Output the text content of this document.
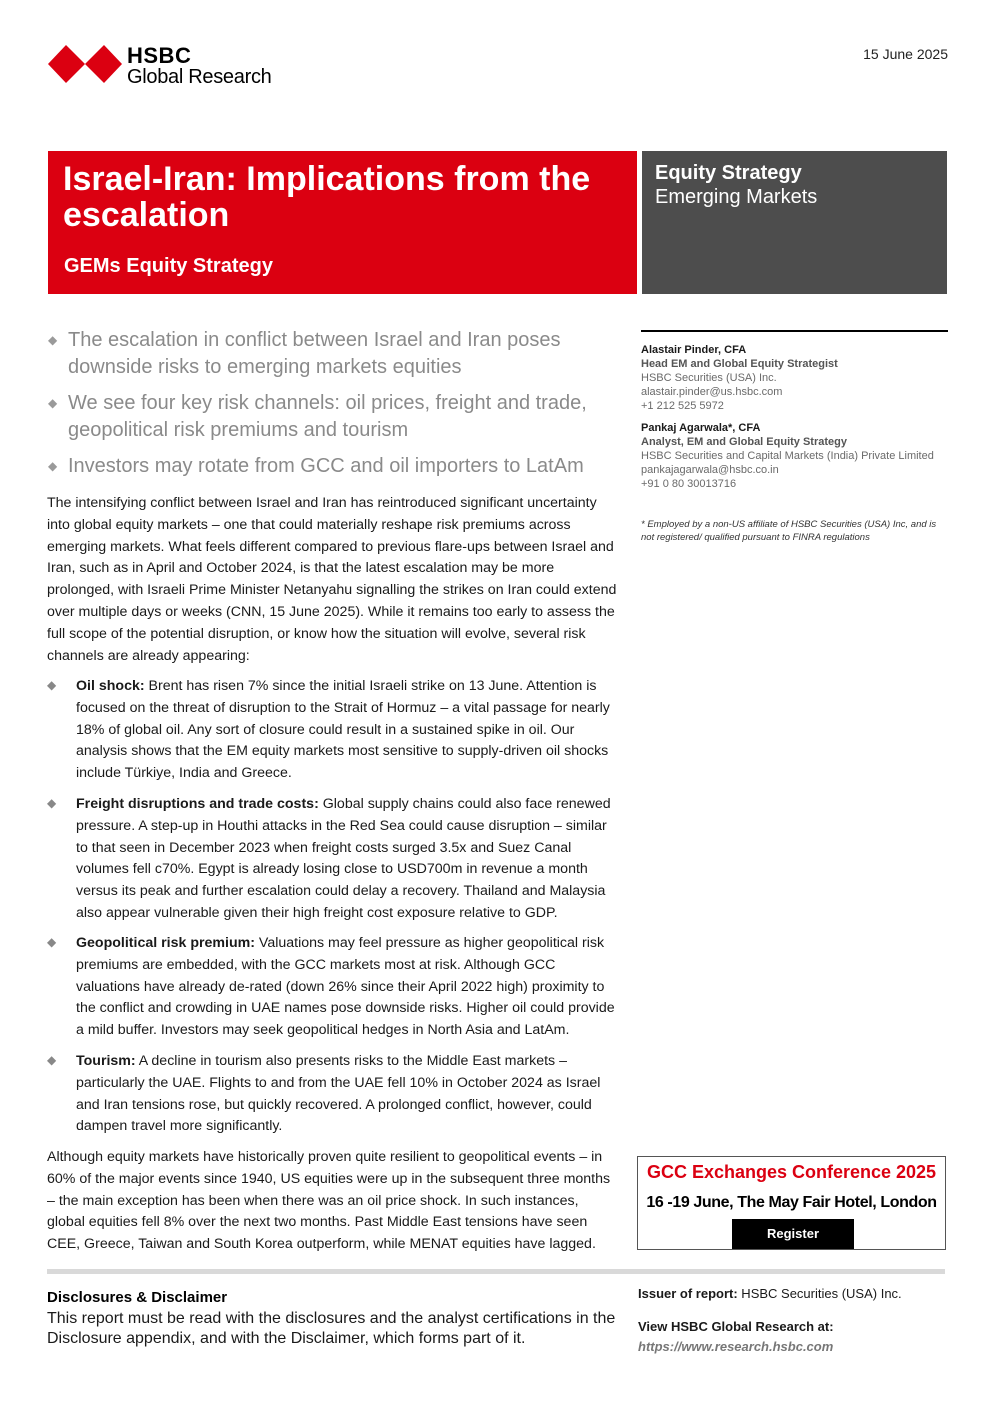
HSBC
Global Research
15 June 2025
Israel-Iran: Implications from the escalation
GEMs Equity Strategy
Equity Strategy
Emerging Markets
◆ The escalation in conflict between Israel and Iran poses downside risks to emerging markets equities
◆ We see four key risk channels: oil prices, freight and trade, geopolitical risk premiums and tourism
◆ Investors may rotate from GCC and oil importers to LatAm
The intensifying conflict between Israel and Iran has reintroduced significant uncertainty into global equity markets – one that could materially reshape risk premiums across emerging markets. What feels different compared to previous flare-ups between Israel and Iran, such as in April and October 2024, is that the latest escalation may be more prolonged, with Israeli Prime Minister Netanyahu signalling the strikes on Iran could extend over multiple days or weeks (CNN, 15 June 2025). While it remains too early to assess the full scope of the potential disruption, or know how the situation will evolve, several risk channels are already appearing:
◆ Oil shock: Brent has risen 7% since the initial Israeli strike on 13 June. Attention is focused on the threat of disruption to the Strait of Hormuz – a vital passage for nearly 18% of global oil. Any sort of closure could result in a sustained spike in oil. Our analysis shows that the EM equity markets most sensitive to supply-driven oil shocks include Türkiye, India and Greece.
◆ Freight disruptions and trade costs: Global supply chains could also face renewed pressure. A step-up in Houthi attacks in the Red Sea could cause disruption – similar to that seen in December 2023 when freight costs surged 3.5x and Suez Canal volumes fell c70%. Egypt is already losing close to USD700m in revenue a month versus its peak and further escalation could delay a recovery. Thailand and Malaysia also appear vulnerable given their high freight cost exposure relative to GDP.
◆ Geopolitical risk premium: Valuations may feel pressure as higher geopolitical risk premiums are embedded, with the GCC markets most at risk. Although GCC valuations have already de-rated (down 26% since their April 2022 high) proximity to the conflict and crowding in UAE names pose downside risks. Higher oil could provide a mild buffer. Investors may seek geopolitical hedges in North Asia and LatAm.
◆ Tourism: A decline in tourism also presents risks to the Middle East markets – particularly the UAE. Flights to and from the UAE fell 10% in October 2024 as Israel and Iran tensions rose, but quickly recovered. A prolonged conflict, however, could dampen travel more significantly.
Although equity markets have historically proven quite resilient to geopolitical events – in 60% of the major events since 1940, US equities were up in the subsequent three months – the main exception has been when there was an oil price shock. In such instances, global equities fell 8% over the next two months. Past Middle East tensions have seen CEE, Greece, Taiwan and South Korea outperform, while MENAT equities have lagged.
Alastair Pinder, CFA
Head EM and Global Equity Strategist
HSBC Securities (USA) Inc.
alastair.pinder@us.hsbc.com
+1 212 525 5972
Pankaj Agarwala*, CFA
Analyst, EM and Global Equity Strategy
HSBC Securities and Capital Markets (India) Private Limited
pankajagarwala@hsbc.co.in
+91 0 80 30013716
* Employed by a non-US affiliate of HSBC Securities (USA) Inc, and is not registered/ qualified pursuant to FINRA regulations
GCC Exchanges Conference 2025
16 -19 June, The May Fair Hotel, London
Register
Disclosures & Disclaimer
This report must be read with the disclosures and the analyst certifications in the Disclosure appendix, and with the Disclaimer, which forms part of it.
Issuer of report: HSBC Securities (USA) Inc.
View HSBC Global Research at:
https://www.research.hsbc.com
